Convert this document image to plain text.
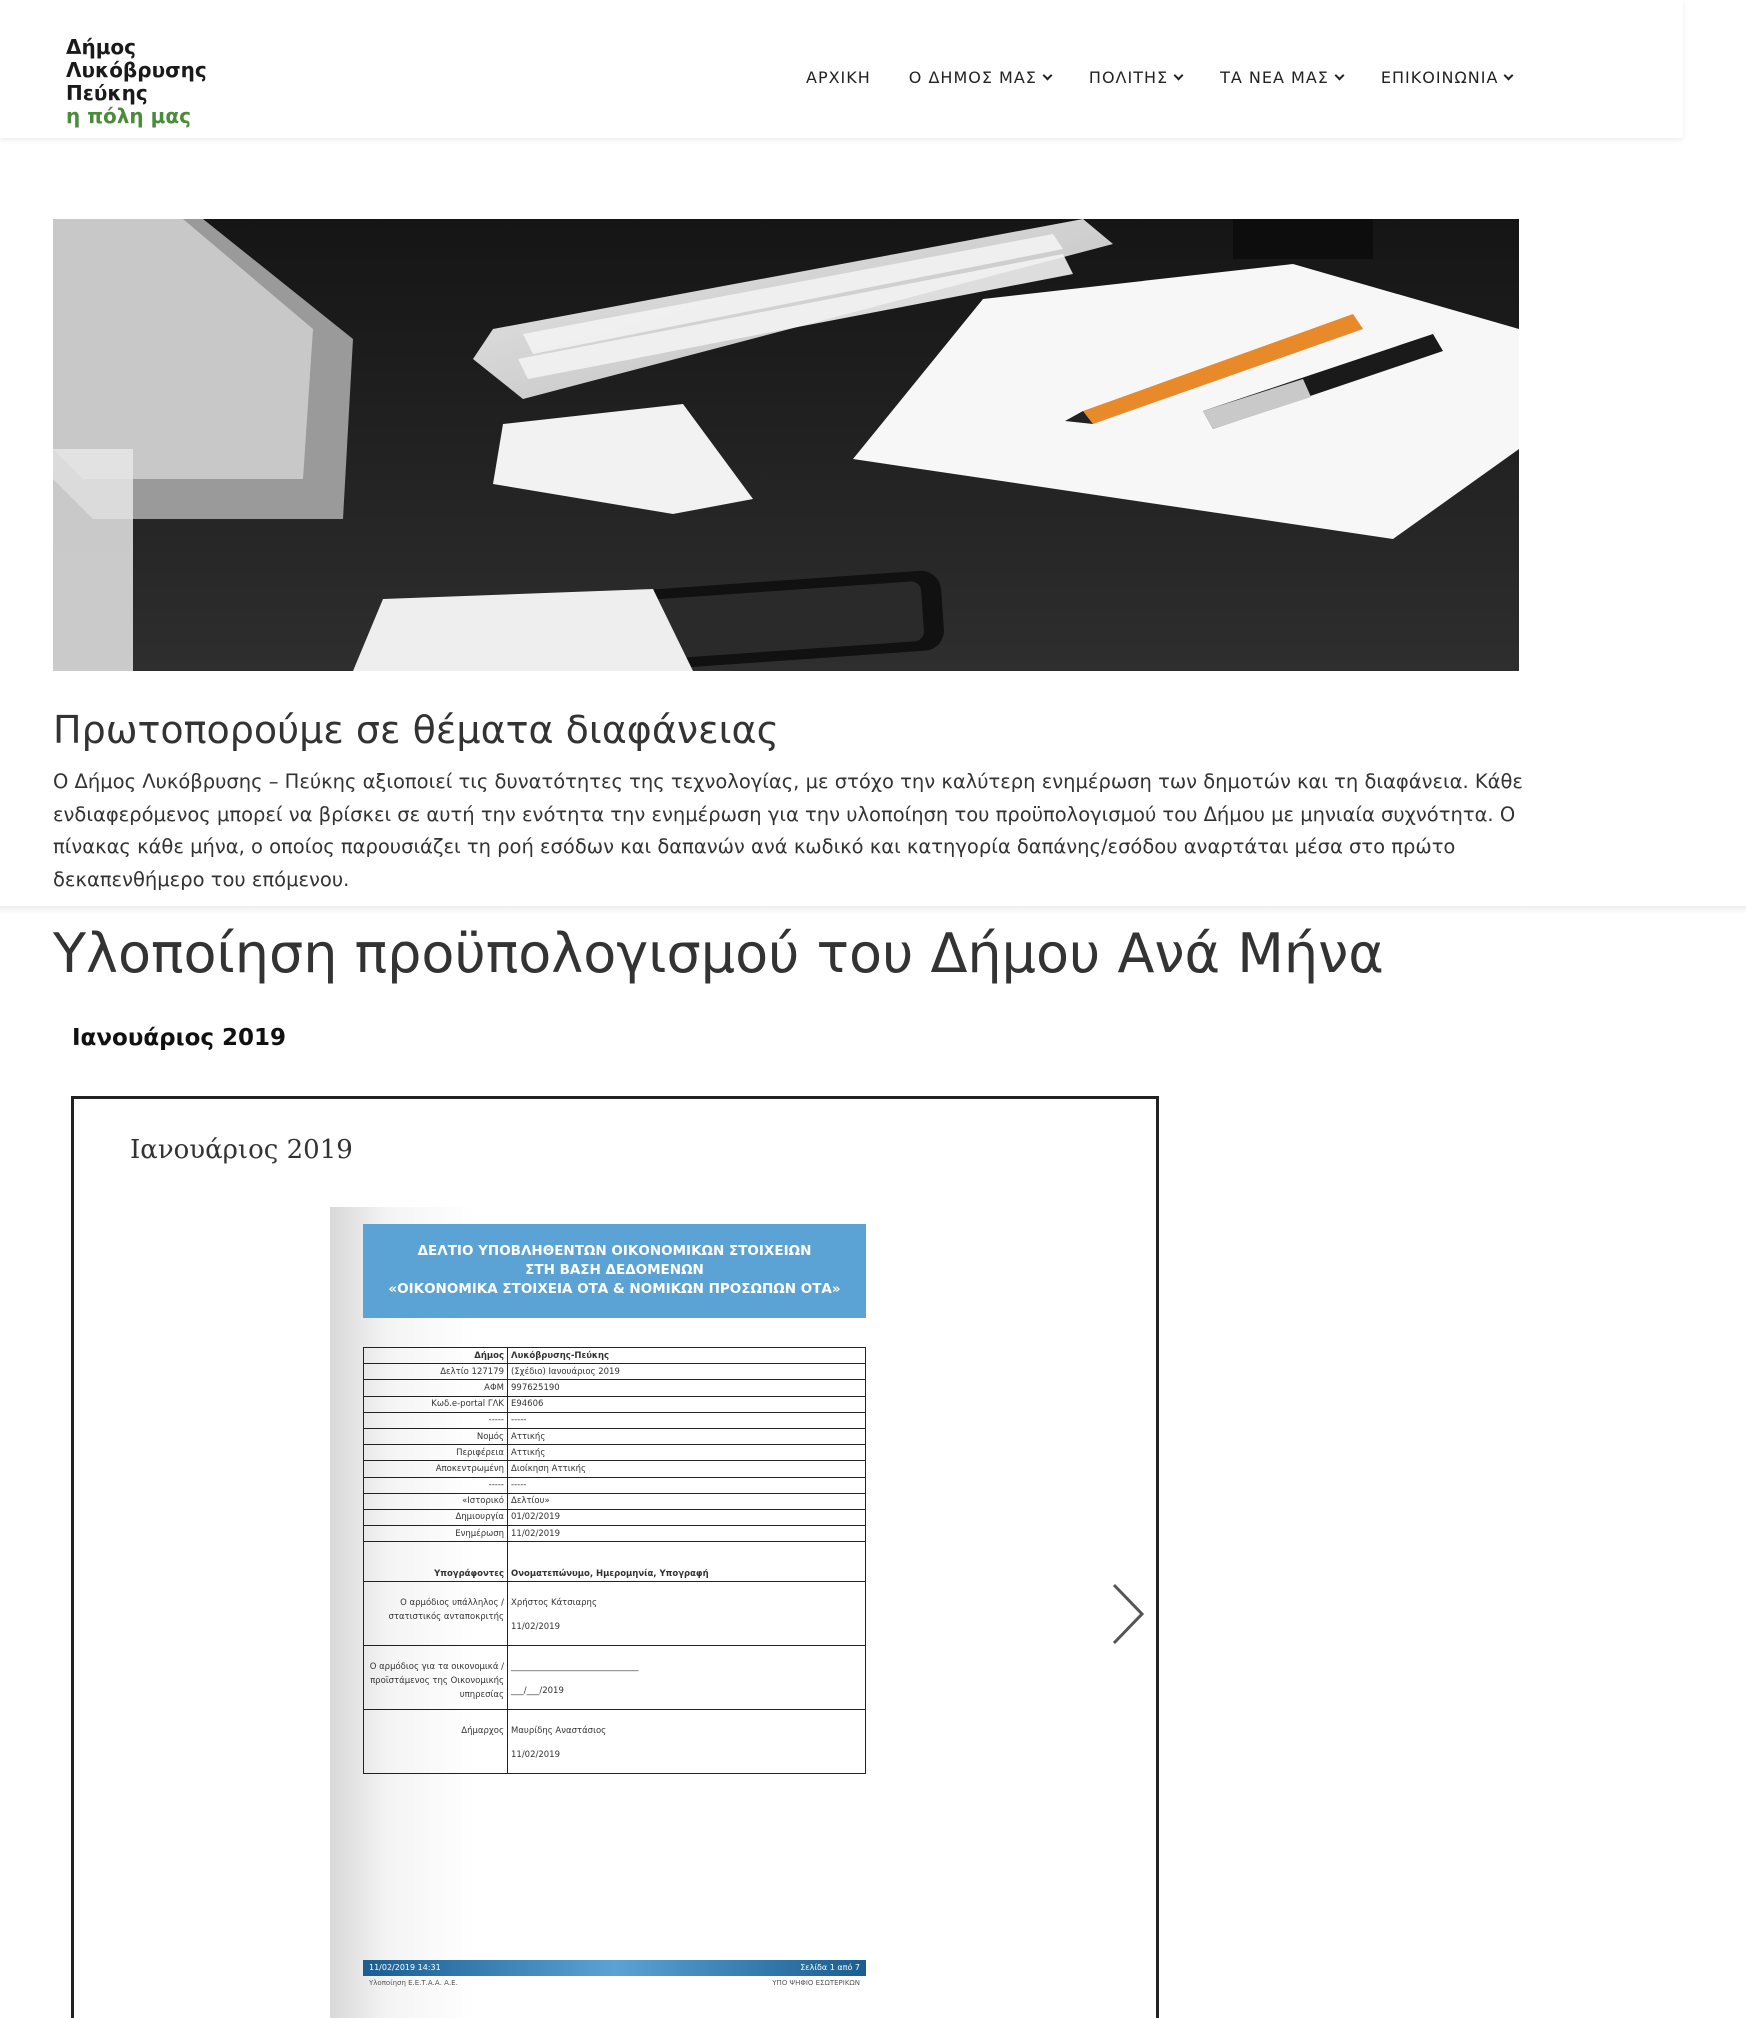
Δήμος
Λυκόβρυσης
Πεύκης
η πόλη μας
ΑΡΧΙΚΗ Ο ΔΗΜΟΣ ΜΑΣ	ΠΟΛΙΤΗΣ	ΤΑ ΝΕΑ ΜΑΣ	ΕΠΙΚΟΙΝΩΝΙΑ
Πρωτοπορούμε σε θέματα διαφάνειας

Ο Δήμος Λυκόβρυσης – Πεύκης αξιοποιεί τις δυνατότητες της τεχνολογίας, με στόχο την καλύτερη ενημέρωση των δημοτών και τη διαφάνεια. Κάθε ενδιαφερόμενος μπορεί να βρίσκει σε αυτή την ενότητα την ενημέρωση για την υλοποίηση του προϋπολογισμού του Δήμου με μηνιαία συχνότητα. Ο πίνακας κάθε μήνα, ο οποίος παρουσιάζει τη ροή εσόδων και δαπανών ανά κωδικό και κατηγορία δαπάνης/εσόδου αναρτάται μέσα στο πρώτο δεκαπενθήμερο του επόμενου.

Υλοποίηση προϋπολογισμού του Δήμου Ανά Μήνα
Ιανουάριος 2019
Ιανουάριος 2019
ΔΕΛΤΙΟ ΥΠΟΒΛΗΘΕΝΤΩΝ ΟΙΚΟΝΟΜΙΚΩΝ ΣΤΟΙΧΕΙΩΝ
ΣΤΗ ΒΑΣΗ ΔΕΔΟΜΕΝΩΝ
«ΟΙΚΟΝΟΜΙΚΑ ΣΤΟΙΧΕΙΑ ΟΤΑ & ΝΟΜΙΚΩΝ ΠΡΟΣΩΠΩΝ ΟΤΑ»
Δήμος	Λυκόβρυσης-Πεύκης
Δελτίο 127179	(Σχέδιο) Ιανουάριος 2019
ΑΦΜ	997625190
Κωδ.e-portal ΓΛΚ	Ε94606
-----	-----
Νομός	Αττικής
Περιφέρεια	Αττικής
Αποκεντρωμένη	Διοίκηση Αττικής
-----	-----
«Ιστορικό	Δελτίου»
Δημιουργία	01/02/2019
Ενημέρωση	11/02/2019
Υπογράφοντες	Ονοματεπώνυμο, Ημερομηνία, Υπογραφή
Ο αρμόδιος υπάλληλος / στατιστικός ανταποκριτής	Χρήστος Κάτσιαρης
11/02/2019

Ο αρμόδιος για τα οικονομικά / προϊστάμενος της Οικονομικής υπηρεσίας	______________________________
___/___/2019

Δήμαρχος	Μαυρίδης Αναστάσιος
11/02/2019
11/02/2019 14:31	Σελίδα 1 από 7
Υλοποίηση Ε.Ε.Τ.Α.Α. Α.Ε.	ΥΠΟ ΨΗΦΙΟ ΕΣΩΤΕΡΙΚΩΝ
